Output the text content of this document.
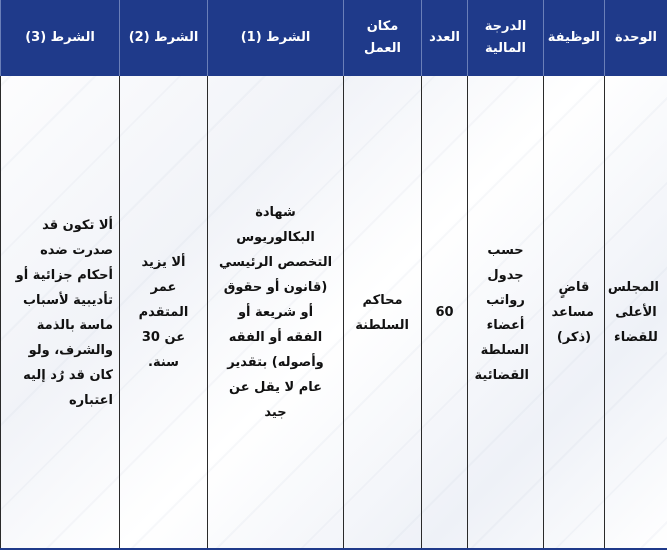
الوحدة	الوظيفة	الدرجة المالية	العدد	مكان العمل	الشرط (1)	الشرط (2)	الشرط (3)
المجلس الأعلى للقضاء	قاضٍ مساعد (ذكر)	حسب جدول رواتب أعضاء السلطة القضائية	60	محاكم السلطنة	شهادة البكالوريوس التخصص الرئيسي (قانون أو حقوق أو شريعة أو الفقه أو الفقه وأصوله) بتقدير عام لا يقل عن جيد	ألا يزيد عمر المتقدم عن 30 سنة.	ألا تكون قد صدرت ضده أحكام جزائية أو تأديبية لأسباب ماسة بالذمة والشرف، ولو كان قد رُد إليه اعتباره
